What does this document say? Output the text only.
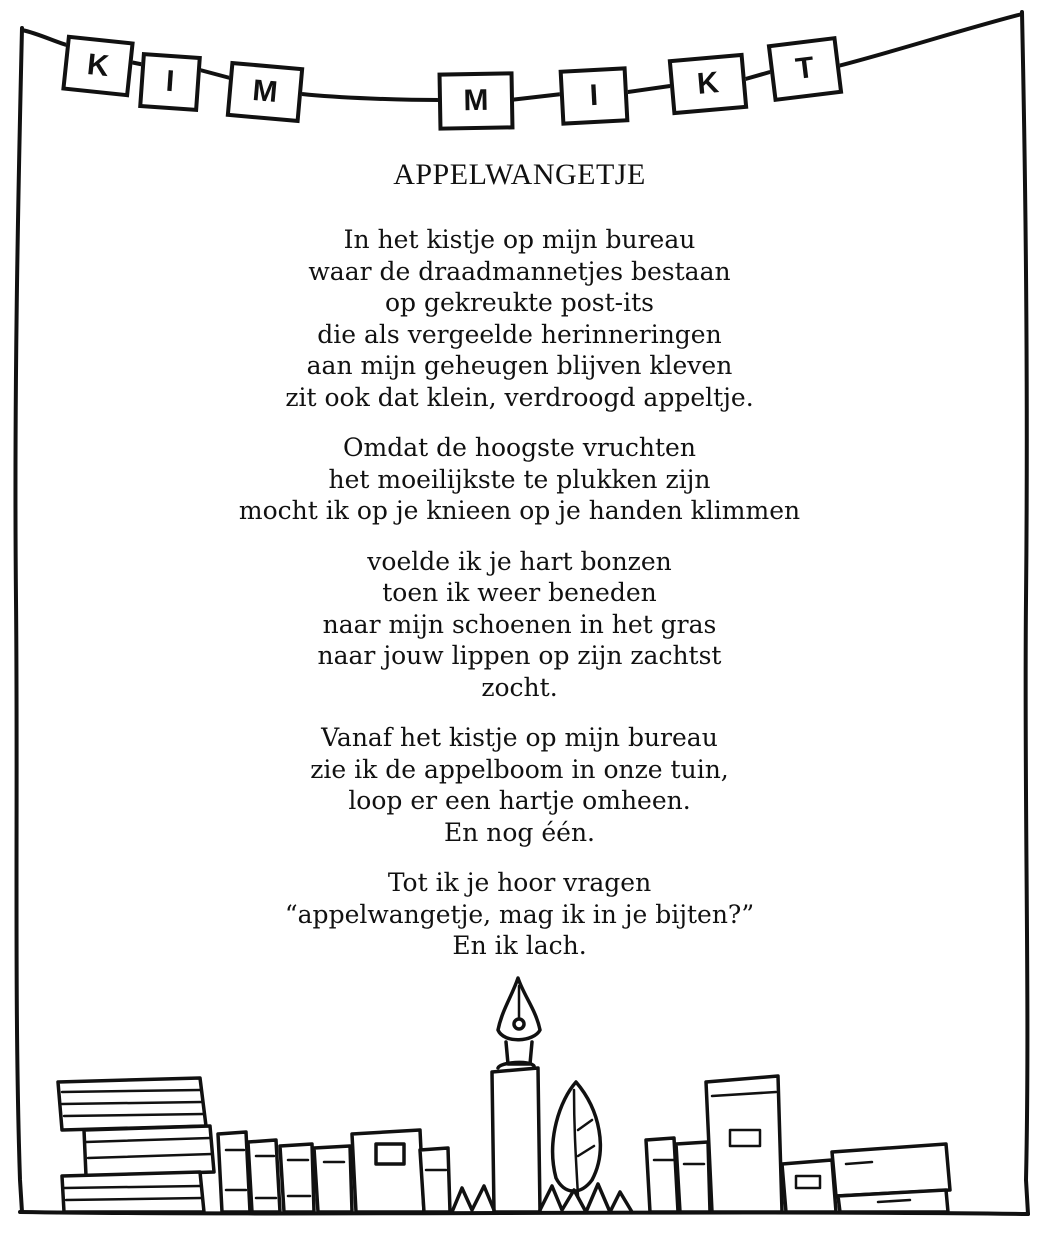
K	I	M	M	I	K	T
APPELWANGETJE
In het kistje op mijn bureau
waar de draadmannetjes bestaan
op gekreukte post-its
die als vergeelde herinneringen
aan mijn geheugen blijven kleven
zit ook dat klein, verdroogd appeltje.
Omdat de hoogste vruchten
het moeilijkste te plukken zijn
mocht ik op je knieen op je handen klimmen
voelde ik je hart bonzen
toen ik weer beneden
naar mijn schoenen in het gras
naar jouw lippen op zijn zachtst
zocht.
Vanaf het kistje op mijn bureau
zie ik de appelboom in onze tuin,
loop er een hartje omheen.
En nog één.
Tot ik je hoor vragen
“appelwangetje, mag ik in je bijten?”
En ik lach.
